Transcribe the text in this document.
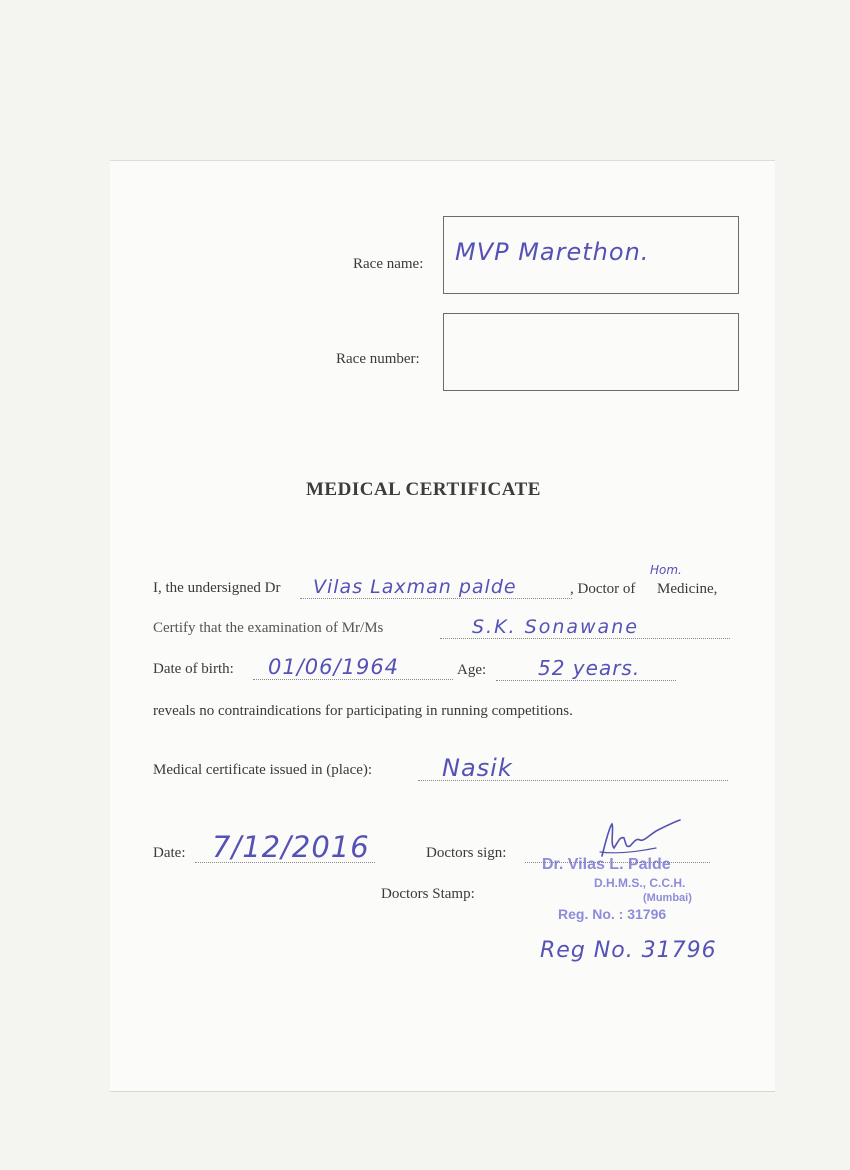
Race name: MVP Marethon.
Race number:
MEDICAL CERTIFICATE
I, the undersigned Dr Vilas Laxman palde	, Doctor of
Hom.
Medicine,
Certify that the examination of Mr/Ms	S.K. Sonawane
Date of birth: 01/06/1964	Age:	52 years.
reveals no contraindications for participating in running competitions.
Medical certificate issued in (place):	Nasik
Date: 7/12/2016	Doctors sign:
Doctors Stamp:
Dr. Vilas L. Palde
D.H.M.S., C.C.H.
(Mumbai)
Reg. No. : 31796
Reg No. 31796
